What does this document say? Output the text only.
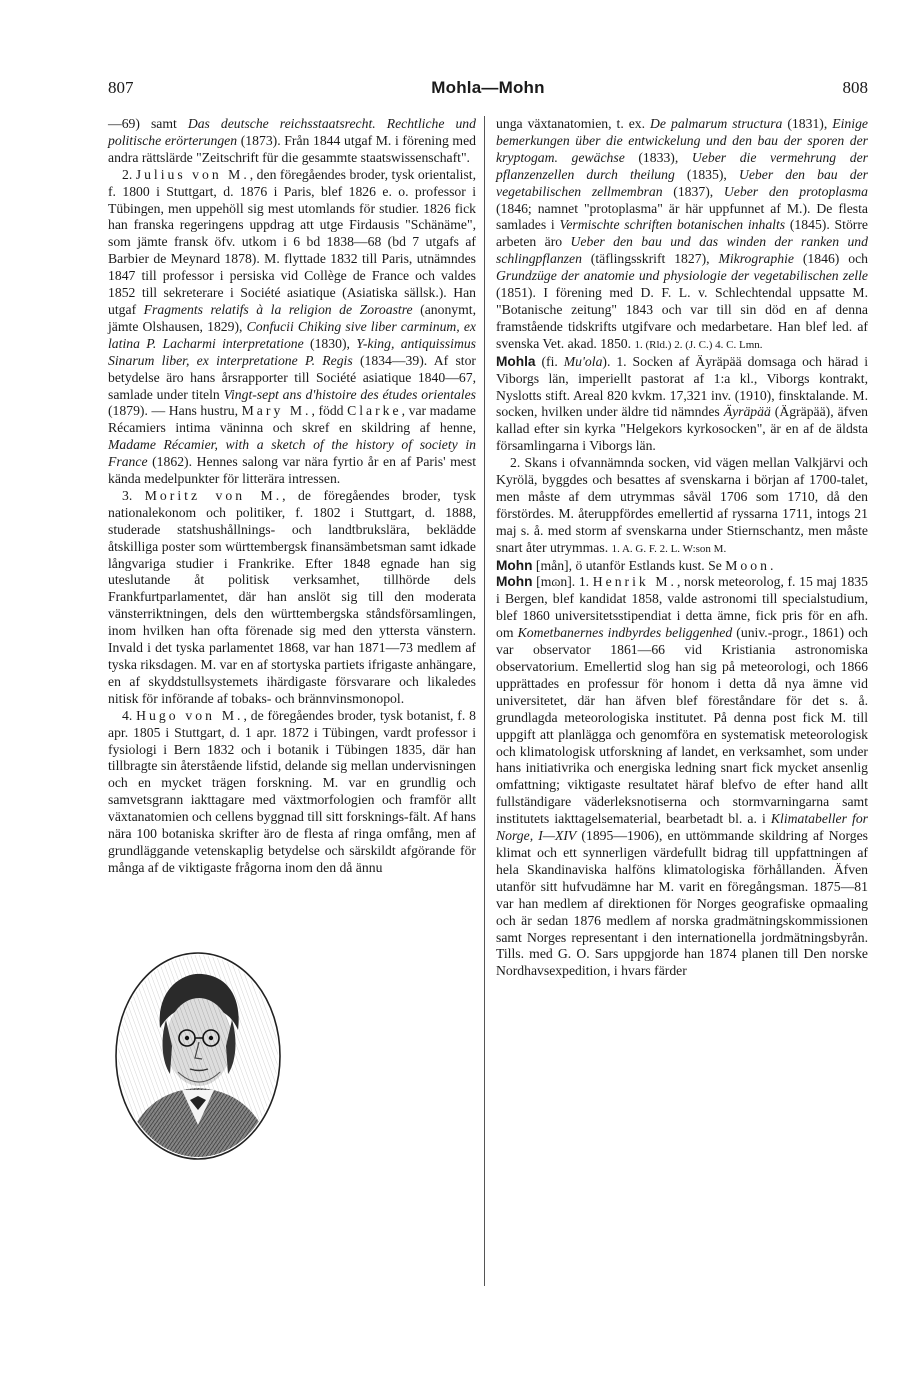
807	Mohla—Mohn	808

—69) samt Das deutsche reichsstaatsrecht. Rechtliche und politische erörterungen (1873). Från 1844 utgaf M. i förening med andra rättslärde "Zeitschrift für die gesammte staatswissenschaft".

2. Julius von M., den föregåendes broder, tysk orientalist, f. 1800 i Stuttgart, d. 1876 i Paris, blef 1826 e. o. professor i Tübingen, men uppehöll sig mest utomlands för studier. 1826 fick han franska regeringens uppdrag att utge Firdausis "Schänäme", som jämte fransk öfv. utkom i 6 bd 1838—68 (bd 7 utgafs af Barbier de Meynard 1878). M. flyttade 1832 till Paris, utnämndes 1847 till professor i persiska vid Collège de France och valdes 1852 till sekreterare i Société asiatique (Asiatiska sällsk.). Han utgaf Fragments relatifs à la religion de Zoroastre (anonymt, jämte Olshausen, 1829), Confucii Chiking sive liber carminum, ex latina P. Lacharmi interpretatione (1830), Y-king, antiquissimus Sinarum liber, ex interpretatione P. Regis (1834—39). Af stor betydelse äro hans årsrapporter till Société asiatique 1840—67, samlade under titeln Vingt-sept ans d'histoire des études orientales (1879). — Hans hustru, Mary M., född Clarke, var madame Récamiers intima väninna och skref en skildring af henne, Madame Récamier, with a sketch of the history of society in France (1862). Hennes salong var nära fyrtio år en af Paris' mest kända medelpunkter för litterära intressen.

3. Moritz von M., de föregåendes broder, tysk nationalekonom och politiker, f. 1802 i Stuttgart, d. 1888, studerade statshushållnings- och landtbrukslära, beklädde åtskilliga poster som württembergsk finansämbetsman samt idkade långvariga studier i Frankrike. Efter 1848 egnade han sig uteslutande åt politisk verksamhet, tillhörde dels Frankfurtparlamentet, där han anslöt sig till den moderata vänsterriktningen, dels den württembergska ståndsförsamlingen, inom hvilken han ofta förenade sig med den yttersta vänstern. Invald i det tyska parlamentet 1868, var han 1871—73 medlem af tyska riksdagen. M. var en af stortyska partiets ifrigaste anhängare, en af skyddstullsystemets ihärdigaste försvarare och likaledes nitisk för införande af tobaks- och brännvinsmonopol.

4. Hugo von M., de föregåendes broder, tysk botanist, f. 8 apr. 1805 i Stuttgart, d. 1 apr. 1872 i Tübingen, vardt professor i fysiologi i Bern 1832 och i botanik i Tübingen 1835, där han tillbragte sin återstående lifstid, delande sig mellan undervisningen och en mycket trägen forskning. M. var en grundlig och samvetsgrann iakttagare med växtmorfologien och framför allt växtanatomien och cellens byggnad till sitt forsknings-fält. Af hans nära 100 botaniska skrifter äro de flesta af ringa omfång, men af grundläggande vetenskaplig betydelse och särskildt afgörande för många af de viktigaste frågorna inom den då ännu

unga växtanatomien, t. ex. De palmarum structura (1831), Einige bemerkungen über die entwickelung und den bau der sporen der kryptogam. gewächse (1833), Ueber die vermehrung der pflanzenzellen durch theilung (1835), Ueber den bau der vegetabilischen zellmembran (1837), Ueber den protoplasma (1846; namnet "protoplasma" är här uppfunnet af M.). De flesta samlades i Vermischte schriften botanischen inhalts (1845). Större arbeten äro Ueber den bau und das winden der ranken und schlingpflanzen (täflingsskrift 1827), Mikrographie (1846) och Grundzüge der anatomie und physiologie der vegetabilischen zelle (1851). I förening med D. F. L. v. Schlechtendal uppsatte M. "Botanische zeitung" 1843 och var till sin död en af denna framstående tidskrifts utgifvare och medarbetare. Han blef led. af svenska Vet. akad. 1850. 1. (Rld.) 2. (J. C.) 4. C. Lmn.

Mohla (fi. Mu'ola). 1. Socken af Äyräpää domsaga och härad i Viborgs län, imperiellt pastorat af 1:a kl., Viborgs kontrakt, Nyslotts stift. Areal 820 kvkm. 17,321 inv. (1910), finsktalande. M. socken, hvilken under äldre tid nämndes Äyräpää (Ägräpää), äfven kallad efter sin kyrka "Helgekors kyrkosocken", är en af de äldsta församlingarna i Viborgs län.

2. Skans i ofvannämnda socken, vid vägen mellan Valkjärvi och Kyrölä, byggdes och besattes af svenskarna i början af 1700-talet, men måste af dem utrymmas såväl 1706 som 1710, då den förstördes. M. återuppfördes emellertid af ryssarna 1711, intogs 21 maj s. å. med storm af svenskarna under Stiernschantz, men måste snart åter utrymmas. 1. A. G. F. 2. L. W:son M.

Mohn [mån], ö utanför Estlands kust. Se Moon.

Mohn [mɷn]. 1. Henrik M., norsk meteorolog, f. 15 maj 1835 i Bergen, blef kandidat 1858, valde astronomi till specialstudium, blef 1860 universitetsstipendiat i detta ämne, fick pris för en afh. om Kometbanernes indbyrdes beliggenhed (univ.-progr., 1861) och var observator 1861—66 vid Kristiania astronomiska observatorium. Emellertid slog han sig på meteorologi, och 1866 upprättades en professur för honom i detta då nya ämne vid universitetet, där han äfven blef föreståndare för det s. å. grundlagda meteorologiska institutet. På denna post fick M. till uppgift att planlägga och genomföra en systematisk meteorologisk och klimatologisk utforskning af landet, en verksamhet, som under hans initiativrika och energiska ledning snart fick mycket ansenlig omfattning; viktigaste resultatet häraf blefvo de efter hand allt fullständigare väderleksnotiserna och stormvarningarna samt institutets iakttagelsematerial, bearbetadt bl. a. i Klimatabeller for Norge, I—XIV (1895—1906), en uttömmande skildring af Norges klimat och ett synnerligen värdefullt bidrag till uppfattningen af hela Skandinaviska halföns klimatologiska förhållanden. Äfven utanför sitt hufvudämne har M. varit en föregångsman. 1875—81 var han medlem af direktionen för Norges geografiske opmaaling och är sedan 1876 medlem af norska gradmätningskommissionen samt Norges representant i den internationella jordmätningsbyrån. Tills. med G. O. Sars uppgjorde han 1874 planen till Den norske Nordhavsexpedition, i hvars färder
